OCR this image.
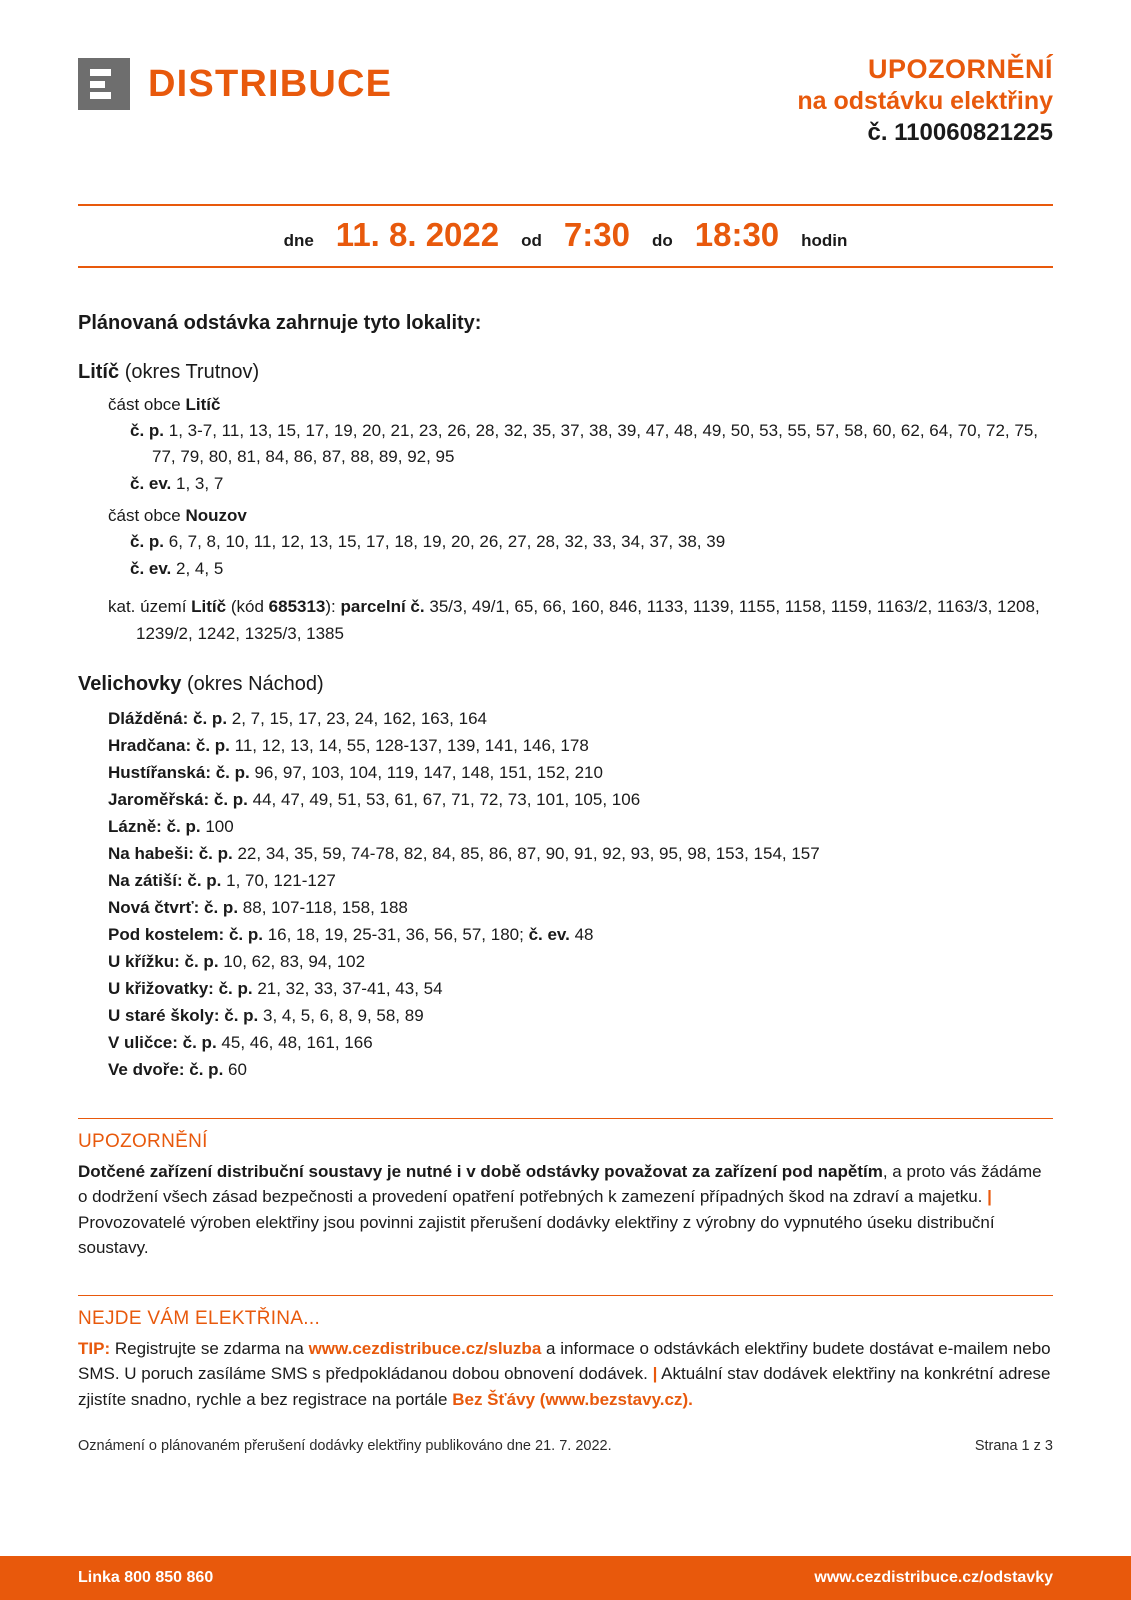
DISTRIBUCE	UPOZORNĚNÍ
na odstávku elektřiny
č. 110060821225
dne 11. 8. 2022 od 7:30 do 18:30 hodin
Plánovaná odstávka zahrnuje tyto lokality:
Litíč (okres Trutnov)
část obce Litíč
č. p. 1, 3-7, 11, 13, 15, 17, 19, 20, 21, 23, 26, 28, 32, 35, 37, 38, 39, 47, 48, 49, 50, 53, 55, 57, 58, 60, 62, 64, 70, 72, 75, 77, 79, 80, 81, 84, 86, 87, 88, 89, 92, 95
č. ev. 1, 3, 7
část obce Nouzov
č. p. 6, 7, 8, 10, 11, 12, 13, 15, 17, 18, 19, 20, 26, 27, 28, 32, 33, 34, 37, 38, 39
č. ev. 2, 4, 5
kat. území Litíč (kód 685313): parcelní č. 35/3, 49/1, 65, 66, 160, 846, 1133, 1139, 1155, 1158, 1159, 1163/2, 1163/3, 1208, 1239/2, 1242, 1325/3, 1385
Velichovky (okres Náchod)
Dlážděná: č. p. 2, 7, 15, 17, 23, 24, 162, 163, 164
Hradčana: č. p. 11, 12, 13, 14, 55, 128-137, 139, 141, 146, 178
Hustířanská: č. p. 96, 97, 103, 104, 119, 147, 148, 151, 152, 210
Jaroměřská: č. p. 44, 47, 49, 51, 53, 61, 67, 71, 72, 73, 101, 105, 106
Lázně: č. p. 100
Na habeši: č. p. 22, 34, 35, 59, 74-78, 82, 84, 85, 86, 87, 90, 91, 92, 93, 95, 98, 153, 154, 157
Na zátiší: č. p. 1, 70, 121-127
Nová čtvrť: č. p. 88, 107-118, 158, 188
Pod kostelem: č. p. 16, 18, 19, 25-31, 36, 56, 57, 180; č. ev. 48
U křížku: č. p. 10, 62, 83, 94, 102
U křižovatky: č. p. 21, 32, 33, 37-41, 43, 54
U staré školy: č. p. 3, 4, 5, 6, 8, 9, 58, 89
V uličce: č. p. 45, 46, 48, 161, 166
Ve dvoře: č. p. 60
UPOZORNĚNÍ
Dotčené zařízení distribuční soustavy je nutné i v době odstávky považovat za zařízení pod napětím, a proto vás žádáme o dodržení všech zásad bezpečnosti a provedení opatření potřebných k zamezení případných škod na zdraví a majetku. | Provozovatelé výroben elektřiny jsou povinni zajistit přerušení dodávky elektřiny z výrobny do vypnutého úseku distribuční soustavy.
NEJDE VÁM ELEKTŘINA...
TIP: Registrujte se zdarma na www.cezdistribuce.cz/sluzba a informace o odstávkách elektřiny budete dostávat e-mailem nebo SMS. U poruch zasíláme SMS s předpokládanou dobou obnovení dodávek. | Aktuální stav dodávek elektřiny na konkrétní adrese zjistíte snadno, rychle a bez registrace na portále Bez Šťávy (www.bezstavy.cz).
Oznámení o plánovaném přerušení dodávky elektřiny publikováno dne 21. 7. 2022.	Strana 1 z 3
Linka 800 850 860	www.cezdistribuce.cz/odstavky
